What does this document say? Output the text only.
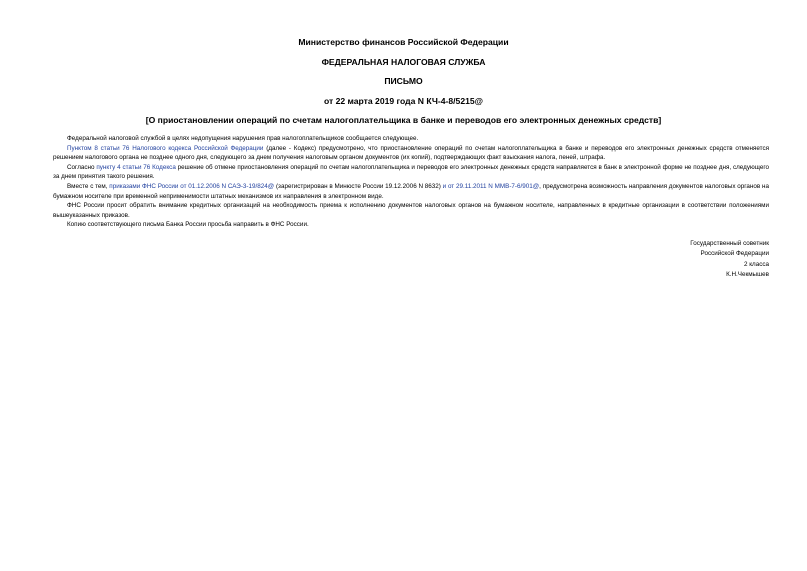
Министерство финансов Российской Федерации
ФЕДЕРАЛЬНАЯ НАЛОГОВАЯ СЛУЖБА
ПИСЬМО
от 22 марта 2019 года N КЧ-4-8/5215@
[О приостановлении операций по счетам налогоплательщика в банке и переводов его электронных денежных средств]

Федеральной налоговой службой в целях недопущения нарушения прав налогоплательщиков сообщается следующее.

Пунктом 8 статьи 76 Налогового кодекса Российской Федерации (далее - Кодекс) предусмотрено, что приостановление операций по счетам налогоплательщика в банке и переводов его электронных денежных средств отменяется решением налогового органа не позднее одного дня, следующего за днем получения налоговым органом документов (их копий), подтверждающих факт взыскания налога, пеней, штрафа.

Согласно пункту 4 статьи 76 Кодекса решение об отмене приостановления операций по счетам налогоплательщика и переводов его электронных денежных средств направляется в банк в электронной форме не позднее дня, следующего за днем принятия такого решения.

Вместе с тем, приказами ФНС России от 01.12.2006 N САЭ-3-19/824@ (зарегистрирован в Минюсте России 19.12.2006 N 8632) и от 29.11.2011 N ММВ-7-6/901@, предусмотрена возможность направления документов налоговых органов на бумажном носителе при временной неприменимости штатных механизмов их направления в электронном виде.

ФНС России просит обратить внимание кредитных организаций на необходимость приема к исполнению документов налоговых органов на бумажном носителе, направленных в кредитные организации в соответствии положениями вышеуказанных приказов.

Копию соответствующего письма Банка России просьба направить в ФНС России.

Государственный советник
Российской Федерации
2 класса
К.Н.Чекмышев
